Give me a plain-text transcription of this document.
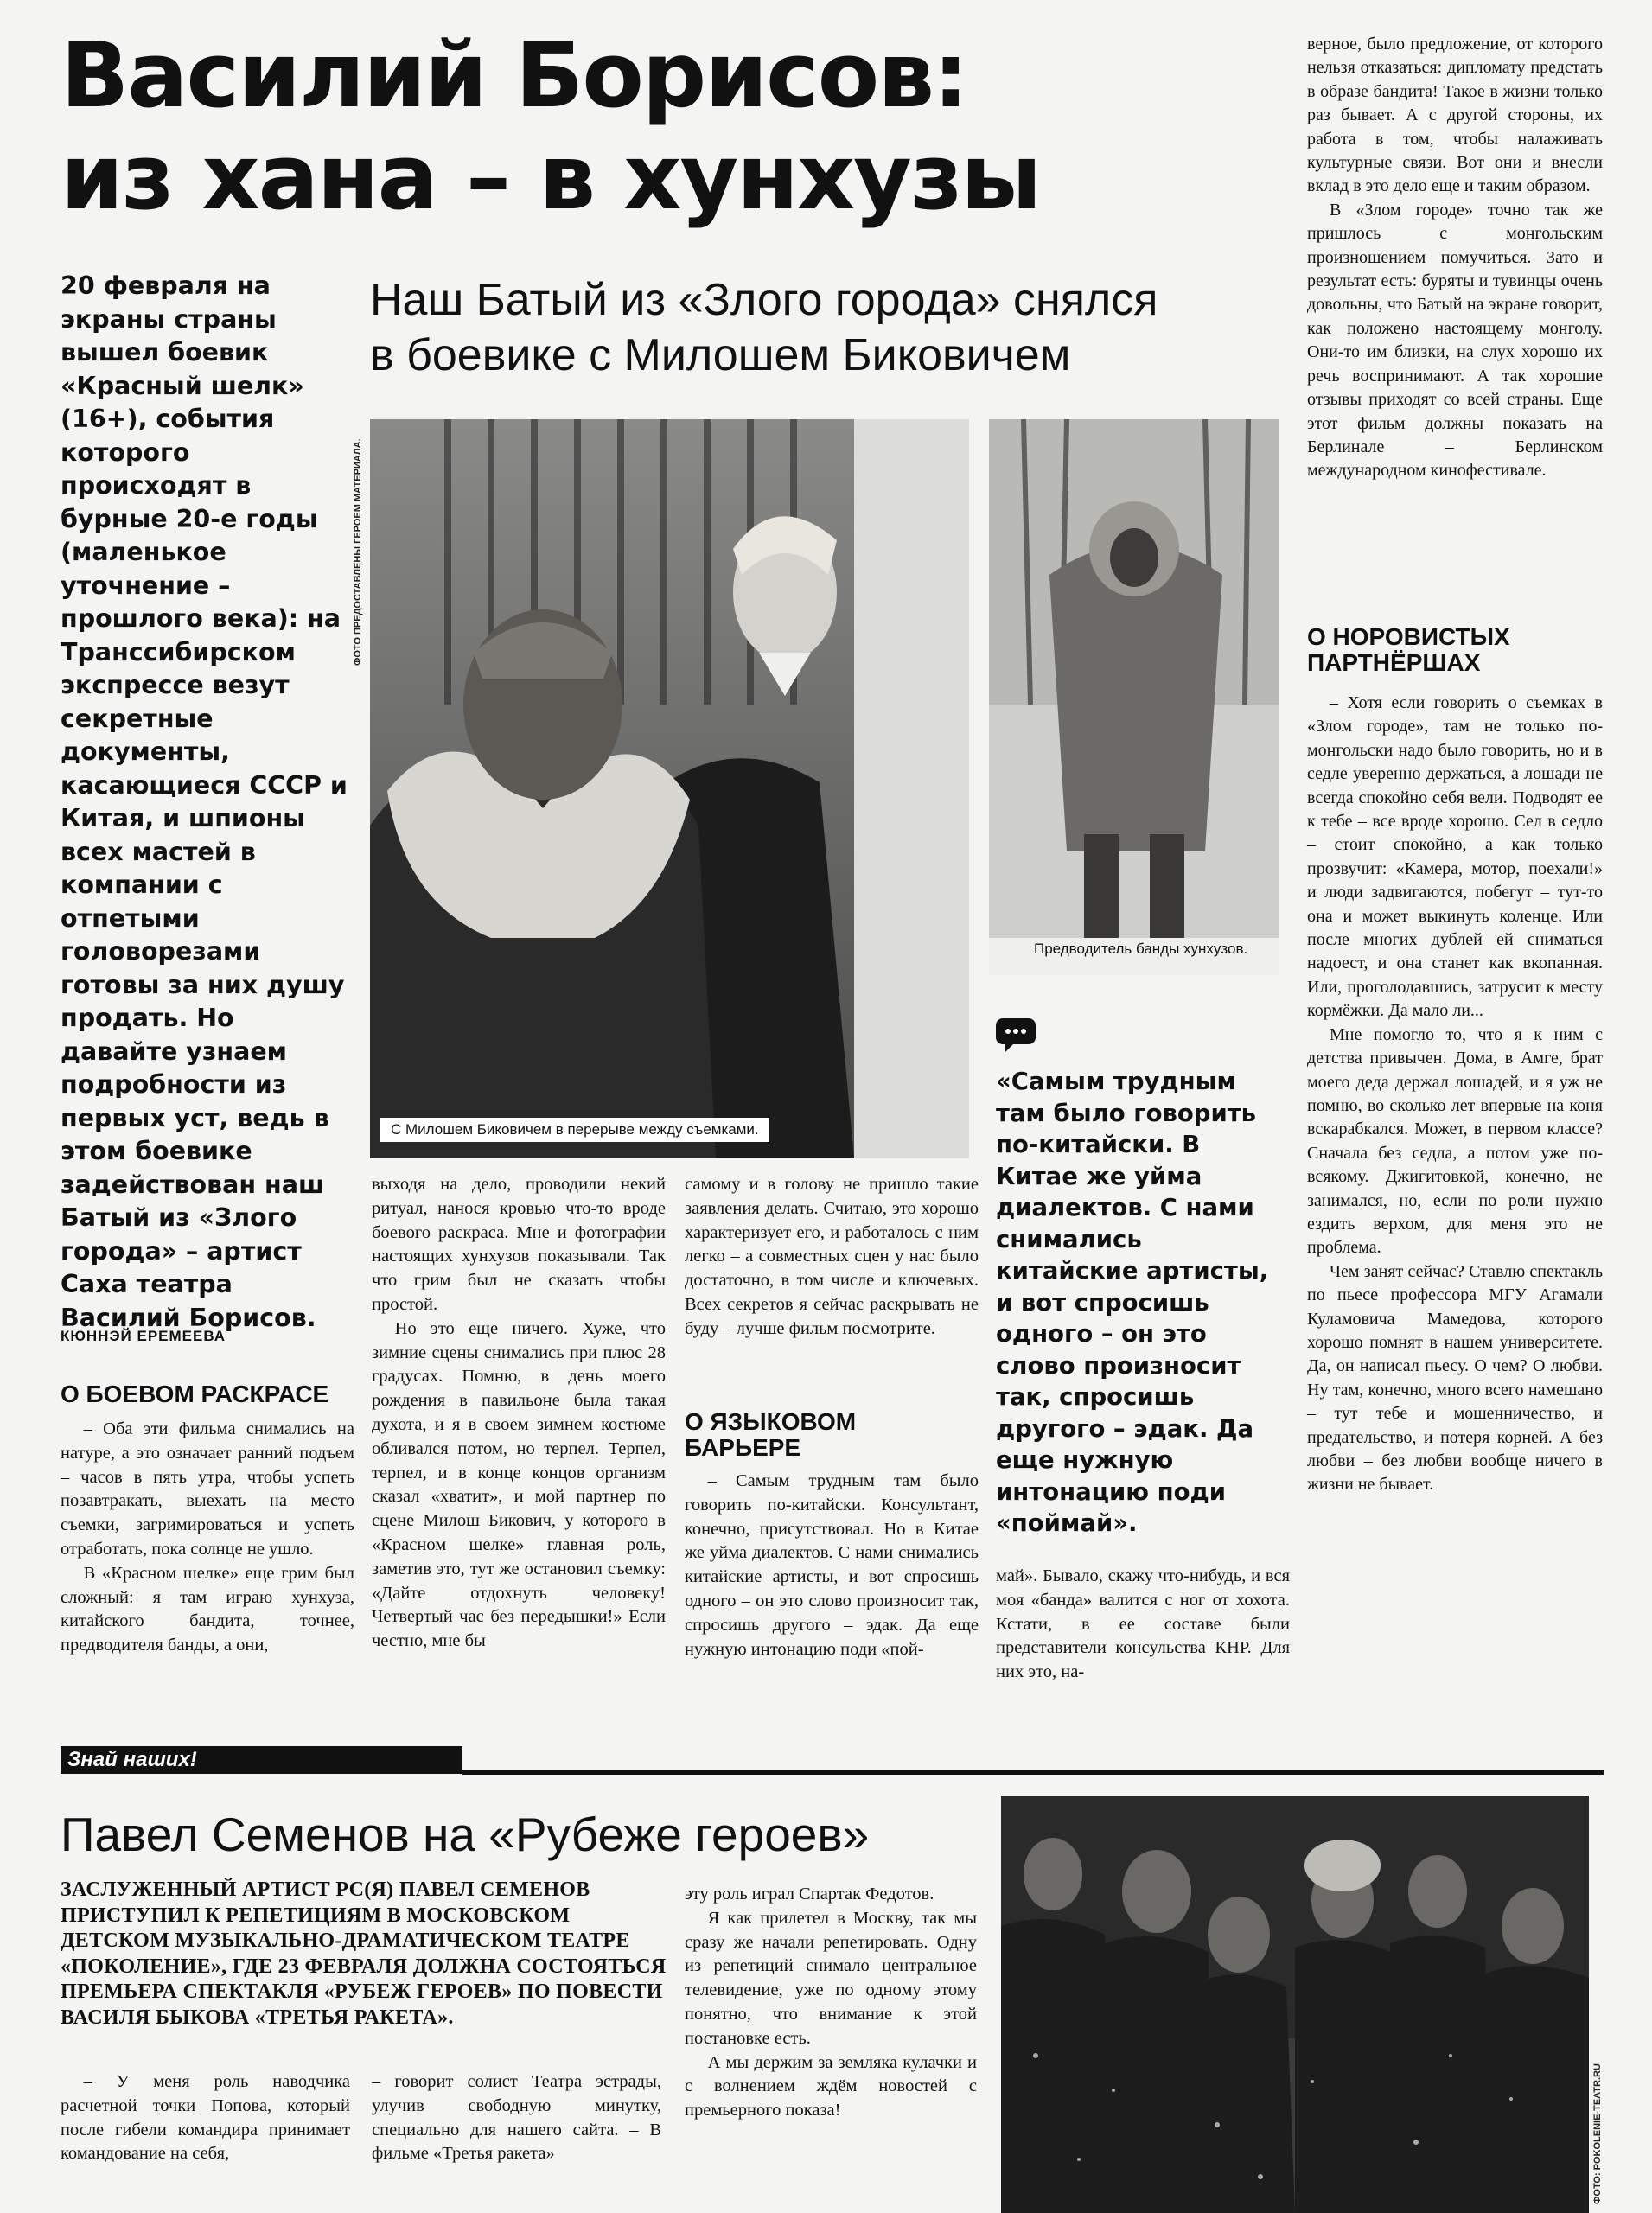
Василий Борисов:
из хана – в хунхузы
Наш Батый из «Злого города» снялся
в боевике с Милошем Биковичем
20 февраля на экраны страны вышел боевик «Красный шелк» (16+), события которого происходят в бурные 20-е годы (маленькое уточнение – прошлого века): на Транссибирском экспрессе везут секретные документы, касающиеся СССР и Китая, и шпионы всех мастей в компании с отпетыми головорезами готовы за них душу продать. Но давайте узнаем подробности из первых уст, ведь в этом боевике задействован наш Батый из «Злого города» – артист Саха театра Василий Борисов.
КЮННЭЙ ЕРЕМЕЕВА
ФОТО ПРЕДОСТАВЛЕНЫ ГЕРОЕМ МАТЕРИАЛА.
С Милошем Биковичем в перерыве между съемками.
Предводитель банды хунхузов.
«Самым трудным там было говорить по-китайски. В Китае же уйма диалектов. С нами снимались китайские артисты, и вот спросишь одного – он это слово произносит так, спросишь другого – эдак. Да еще нужную интонацию поди «поймай».
О БОЕВОМ РАСКРАСЕ

– Оба эти фильма снимались на натуре, а это означает ранний подъем – часов в пять утра, чтобы успеть позавтракать, выехать на место съемки, загримироваться и успеть отработать, пока солнце не ушло.

В «Красном шелке» еще грим был сложный: я там играю хунхуза, китайского бандита, точнее, предводителя банды, а они,

выходя на дело, проводили некий ритуал, нанося кровью что-то вроде боевого раскраса. Мне и фотографии настоящих хунхузов показывали. Так что грим был не сказать чтобы простой.

Но это еще ничего. Хуже, что зимние сцены снимались при плюс 28 градусах. Помню, в день моего рождения в павильоне была такая духота, и я в своем зимнем костюме обливался потом, но терпел. Терпел, терпел, и в конце концов организм сказал «хватит», и мой партнер по сцене Милош Бикович, у которого в «Красном шелке» главная роль, заметив это, тут же остановил съемку: «Дайте отдохнуть человеку! Четвертый час без передышки!» Если честно, мне бы

самому и в голову не пришло такие заявления делать. Считаю, это хорошо характеризует его, и работалось с ним легко – а совместных сцен у нас было достаточно, в том числе и ключевых. Всех секретов я сейчас раскрывать не буду – лучше фильм посмотрите.

О ЯЗЫКОВОМ БАРЬЕРЕ

– Самым трудным там было говорить по-китайски. Консультант, конечно, присутствовал. Но в Китае же уйма диалектов. С нами снимались китайские артисты, и вот спросишь одного – он это слово произносит так, спросишь другого – эдак. Да еще нужную интонацию поди «пой-

май». Бывало, скажу что-нибудь, и вся моя «банда» валится с ног от хохота. Кстати, в ее составе были представители консульства КНР. Для них это, на-

верное, было предложение, от которого нельзя отказаться: дипломату предстать в образе бандита! Такое в жизни только раз бывает. А с другой стороны, их работа в том, чтобы налаживать культурные связи. Вот они и внесли вклад в это дело еще и таким образом.

В «Злом городе» точно так же пришлось с монгольским произношением помучиться. Зато и результат есть: буряты и тувинцы очень довольны, что Батый на экране говорит, как положено настоящему монголу. Они-то им близки, на слух хорошо их речь воспринимают. А так хорошие отзывы приходят со всей страны. Еще этот фильм должны показать на Берлинале – Берлинском международном кинофестивале.

О НОРОВИСТЫХ ПАРТНЁРШАХ

– Хотя если говорить о съемках в «Злом городе», там не только по-монгольски надо было говорить, но и в седле уверенно держаться, а лошади не всегда спокойно себя вели. Подводят ее к тебе – все вроде хорошо. Сел в седло – стоит спокойно, а как только прозвучит: «Камера, мотор, поехали!» и люди задвигаются, побегут – тут-то она и может выкинуть коленце. Или после многих дублей ей сниматься надоест, и она станет как вкопанная. Или, проголодавшись, затрусит к месту кормёжки. Да мало ли...

Мне помогло то, что я к ним с детства привычен. Дома, в Амге, брат моего деда держал лошадей, и я уж не помню, во сколько лет впервые на коня вскарабкался. Может, в первом классе? Сначала без седла, а потом уже по-всякому. Джигитовкой, конечно, не занимался, но, если по роли нужно ездить верхом, для меня это не проблема.

Чем занят сейчас? Ставлю спектакль по пьесе профессора МГУ Агамали Куламовича Мамедова, которого хорошо помнят в нашем университете. Да, он написал пьесу. О чем? О любви. Ну там, конечно, много всего намешано – тут тебе и мошенничество, и предательство, и потеря корней. А без любви – без любви вообще ничего в жизни не бывает.

Знай наших!
Павел Семенов на «Рубеже героев»
ЗАСЛУЖЕННЫЙ АРТИСТ РС(Я) ПАВЕЛ СЕМЕНОВ ПРИСТУПИЛ К РЕПЕТИЦИЯМ В МОСКОВСКОМ ДЕТСКОМ МУЗЫКАЛЬНО-ДРАМАТИЧЕСКОМ ТЕАТРЕ «ПОКОЛЕНИЕ», ГДЕ 23 ФЕВРАЛЯ ДОЛЖНА СОСТОЯТЬСЯ ПРЕМЬЕРА СПЕКТАКЛЯ «РУБЕЖ ГЕРОЕВ» ПО ПОВЕСТИ ВАСИЛЯ БЫКОВА «ТРЕТЬЯ РАКЕТА».

– У меня роль наводчика расчетной точки Попова, который после гибели командира принимает командование на себя,

– говорит солист Театра эстрады, улучив свободную минутку, специально для нашего сайта. – В фильме «Третья ракета»

эту роль играл Спартак Федотов.

Я как прилетел в Москву, так мы сразу же начали репетировать. Одну из репетиций снимало центральное телевидение, уже по одному этому понятно, что внимание к этой постановке есть.

А мы держим за земляка кулачки и с волнением ждём новостей с премьерного показа!	ФОТО: POKOLENIE-TEATR.RU
